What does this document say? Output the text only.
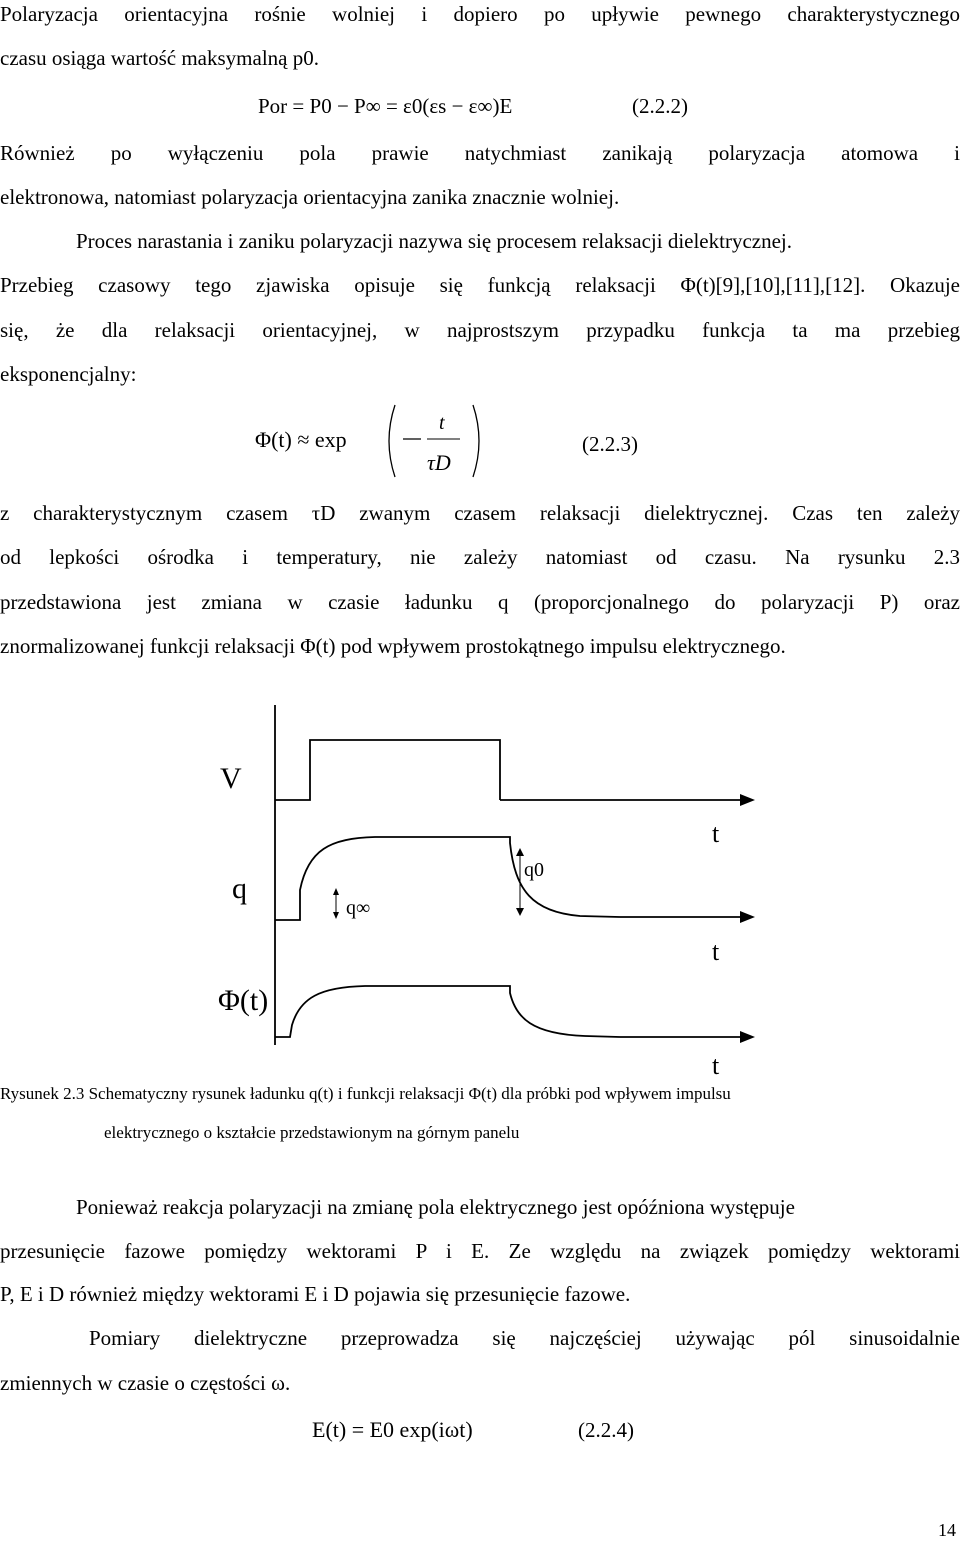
Polaryzacja orientacyjna rośnie wolniej i dopiero po upływie pewnego charakterystycznego
czasu osiąga wartość maksymalną p0.
Por = P0 − P∞ = ε0(εs − ε∞)E	(2.2.2)
Również po wyłączeniu pola prawie natychmiast zanikają polaryzacja atomowa i
elektronowa, natomiast polaryzacja orientacyjna zanika znacznie wolniej.
Proces narastania i zaniku polaryzacji nazywa się procesem relaksacji dielektrycznej.
Przebieg czasowy tego zjawiska opisuje się funkcją relaksacji Φ(t)[9],[10],[11],[12]. Okazuje
się, że dla relaksacji orientacyjnej, w najprostszym przypadku funkcja ta ma przebieg
eksponencjalny:
Φ(t) ≈ exp
t
τD
(2.2.3)
z charakterystycznym czasem τD zwanym czasem relaksacji dielektrycznej. Czas ten zależy
od lepkości ośrodka i temperatury, nie zależy natomiast od czasu. Na rysunku 2.3
przedstawiona jest zmiana w czasie ładunku q (proporcjonalnego do polaryzacji P) oraz
znormalizowanej funkcji relaksacji Φ(t) pod wpływem prostokątnego impulsu elektrycznego.
V
t
q
q∞
q0
t
Φ(t)
t
Rysunek 2.3 Schematyczny rysunek ładunku q(t) i funkcji relaksacji Φ(t) dla próbki pod wpływem impulsu
elektrycznego o kształcie przedstawionym na górnym panelu
Ponieważ reakcja polaryzacji na zmianę pola elektrycznego jest opóźniona występuje
przesunięcie fazowe pomiędzy wektorami P i E. Ze względu na związek pomiędzy wektorami
P, E i D również między wektorami E i D pojawia się przesunięcie fazowe.
Pomiary dielektryczne przeprowadza się najczęściej używając pól sinusoidalnie
zmiennych w czasie o częstości ω.
E(t) = E0 exp(iωt)	(2.2.4)
14
